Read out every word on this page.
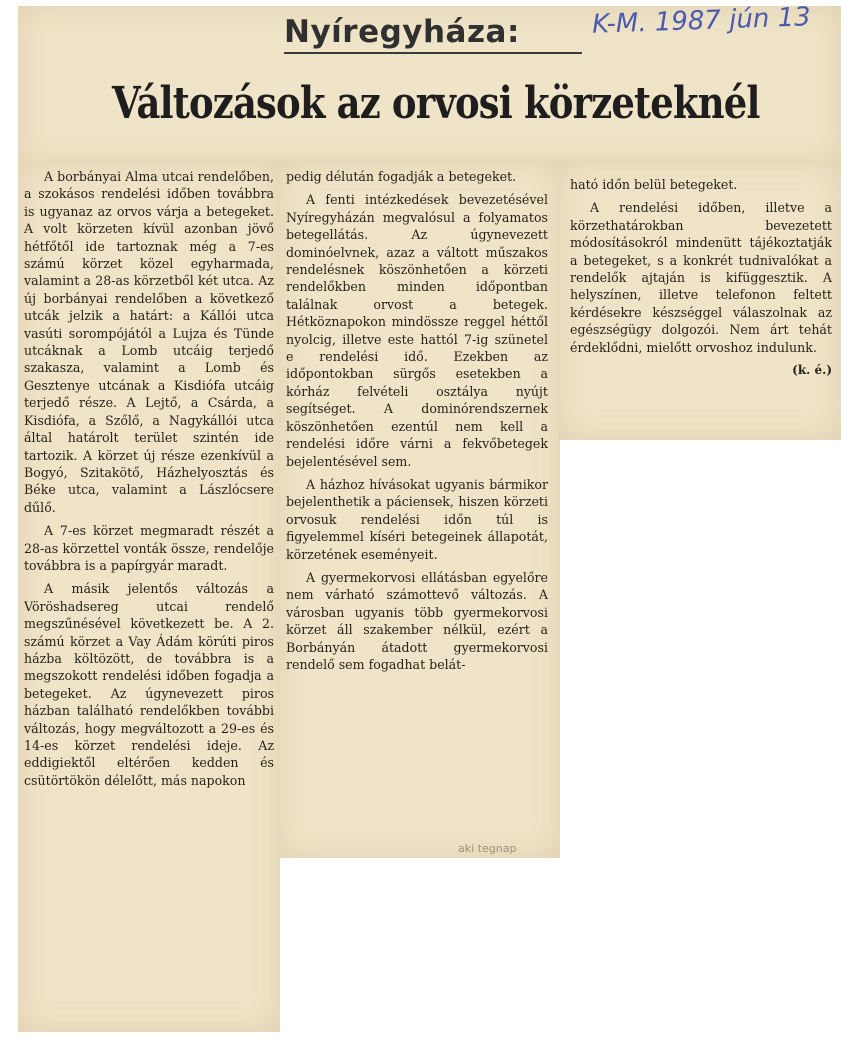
Nyíregyháza:	K-M. 1987 jún 13
Változások az orvosi körzeteknél

A borbányai Alma utcai rendelőben, a szokásos rendelési időben továbbra is ugyanaz az orvos várja a betegeket. A volt körzeten kívül azonban jövő hétfőtől ide tartoznak még a 7-es számú körzet közel egyharmada, valamint a 28-as körzetből két utca. Az új borbányai rendelőben a következő utcák jelzik a határt: a Kállói utca vasúti sorompójától a Lujza és Tünde utcáknak a Lomb utcáig terjedő szakasza, valamint a Lomb és Gesztenye utcának a Kisdiófa utcáig terjedő része. A Lejtő, a Csárda, a Kisdiófa, a Szőlő, a Nagykállói utca által határolt terület szintén ide tartozik. A körzet új része ezenkívül a Bogyó, Szitakötő, Házhelyosztás és Béke utca, valamint a Lászlócsere dűlő.

A 7-es körzet megmaradt részét a 28-as körzettel vonták össze, rendelője továbbra is a papírgyár maradt.

A másik jelentős változás a Vöröshadsereg utcai rendelő megszűnésével következett be. A 2. számú körzet a Vay Ádám körúti piros házba költözött, de továbbra is a megszokott rendelési időben fogadja a betegeket. Az úgynevezett piros házban található rendelőkben további változás, hogy megváltozott a 29-es és 14-es körzet rendelési ideje. Az eddigiektől eltérően kedden és csütörtökön délelőtt, más napokon

pedig délután fogadják a betegeket.

A fenti intézkedések bevezetésével Nyíregyházán megvalósul a folyamatos betegellátás. Az úgynevezett dominóelvnek, azaz a váltott műszakos rendelésnek köszönhetően a körzeti rendelőkben minden időpontban találnak orvost a betegek. Hétköznapokon mindössze reggel héttől nyolcig, illetve este hattól 7-ig szünetel e rendelési idő. Ezekben az időpontokban sürgős esetekben a kórház felvételi osztálya nyújt segítséget. A dominórendszernek köszönhetően ezentúl nem kell a rendelési időre várni a fekvőbetegek bejelentésével sem.

A házhoz hívásokat ugyanis bármikor bejelenthetik a páciensek, hiszen körzeti orvosuk rendelési időn túl is figyelemmel kíséri betegeinek állapotát, körzetének eseményeit.

A gyermekorvosi ellátásban egyelőre nem várható számottevő változás. A városban ugyanis több gyermekorvosi körzet áll szakember nélkül, ezért a Borbányán átadott gyermekorvosi rendelő sem fogadhat belát-

ható időn belül betegeket.

A rendelési időben, illetve a körzethatárokban bevezetett módosításokról mindenütt tájékoztatják a betegeket, s a konkrét tudnivalókat a rendelők ajtaján is kifüggesztik. A helyszínen, illetve telefonon feltett kérdésekre készséggel válaszolnak az egészségügy dolgozói. Nem árt tehát érdeklődni, mielőtt orvoshoz indulunk.

(k. é.)

aki tegnap
